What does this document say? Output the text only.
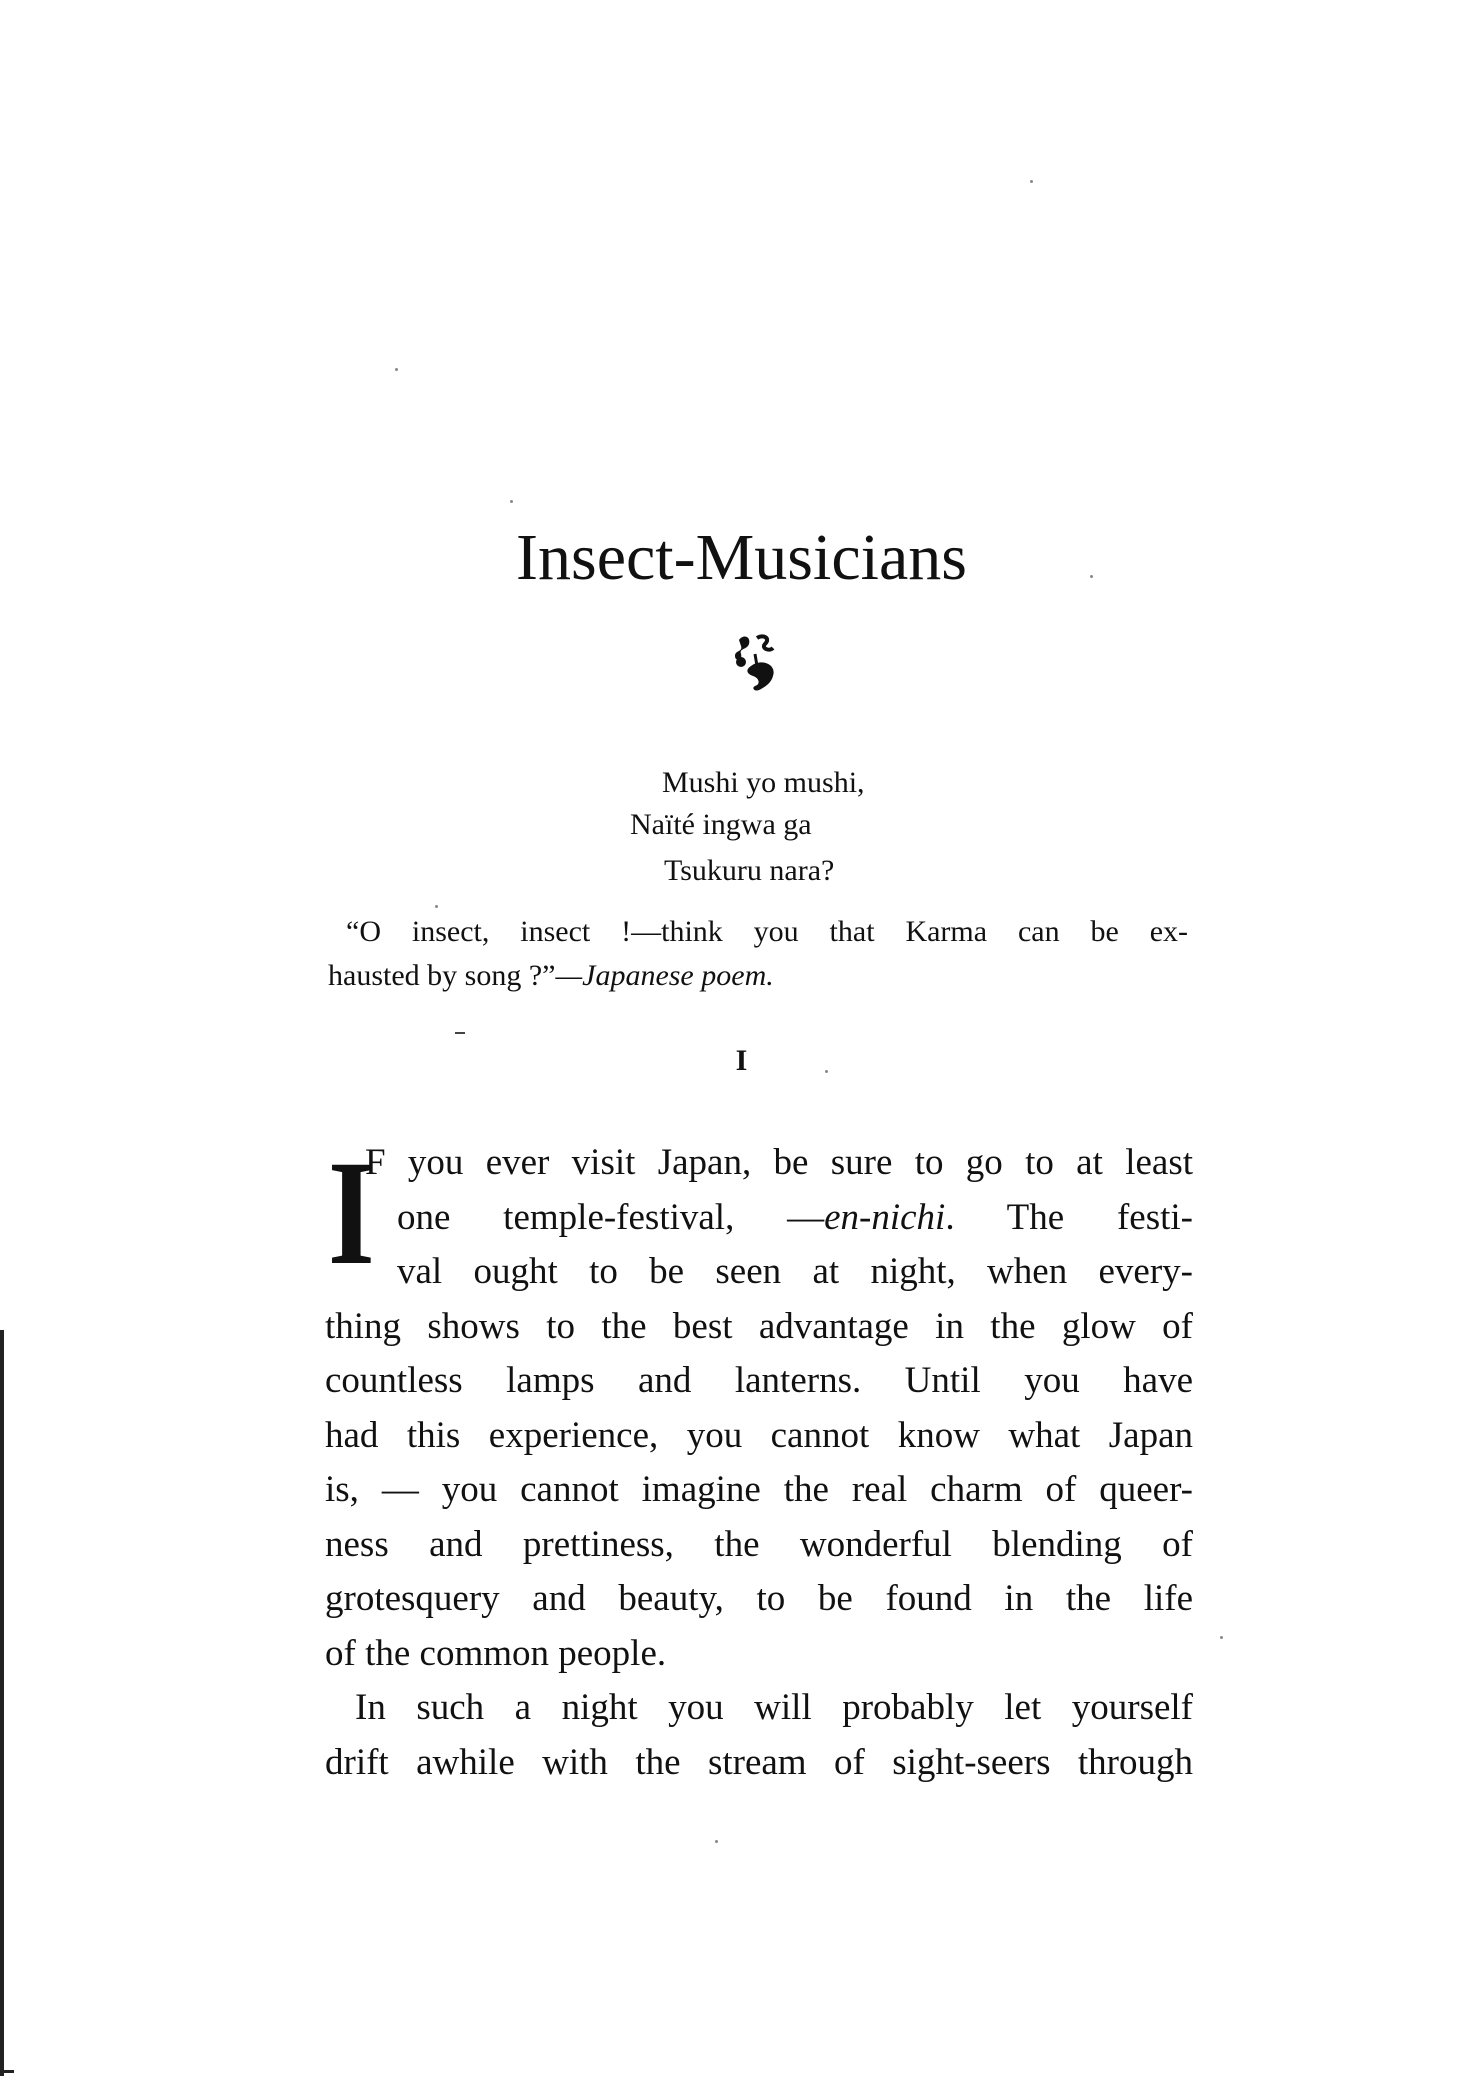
Insect-Musicians
Mushi yo mushi,
Naïté ingwa ga
Tsukuru nara?
“O insect, insect !—think you that Karma can be ex-
hausted by song ?”—Japanese poem.
I
I
F you ever visit Japan, be sure to go to at least
one temple-festival, —en-nichi. The festi-
val ought to be seen at night, when every-
thing shows to the best advantage in the glow of
countless lamps and lanterns. Until you have
had this experience, you cannot know what Japan
is, — you cannot imagine the real charm of queer-
ness and prettiness, the wonderful blending of
grotesquery and beauty, to be found in the life
of the common people.
In such a night you will probably let yourself
drift awhile with the stream of sight-seers through
